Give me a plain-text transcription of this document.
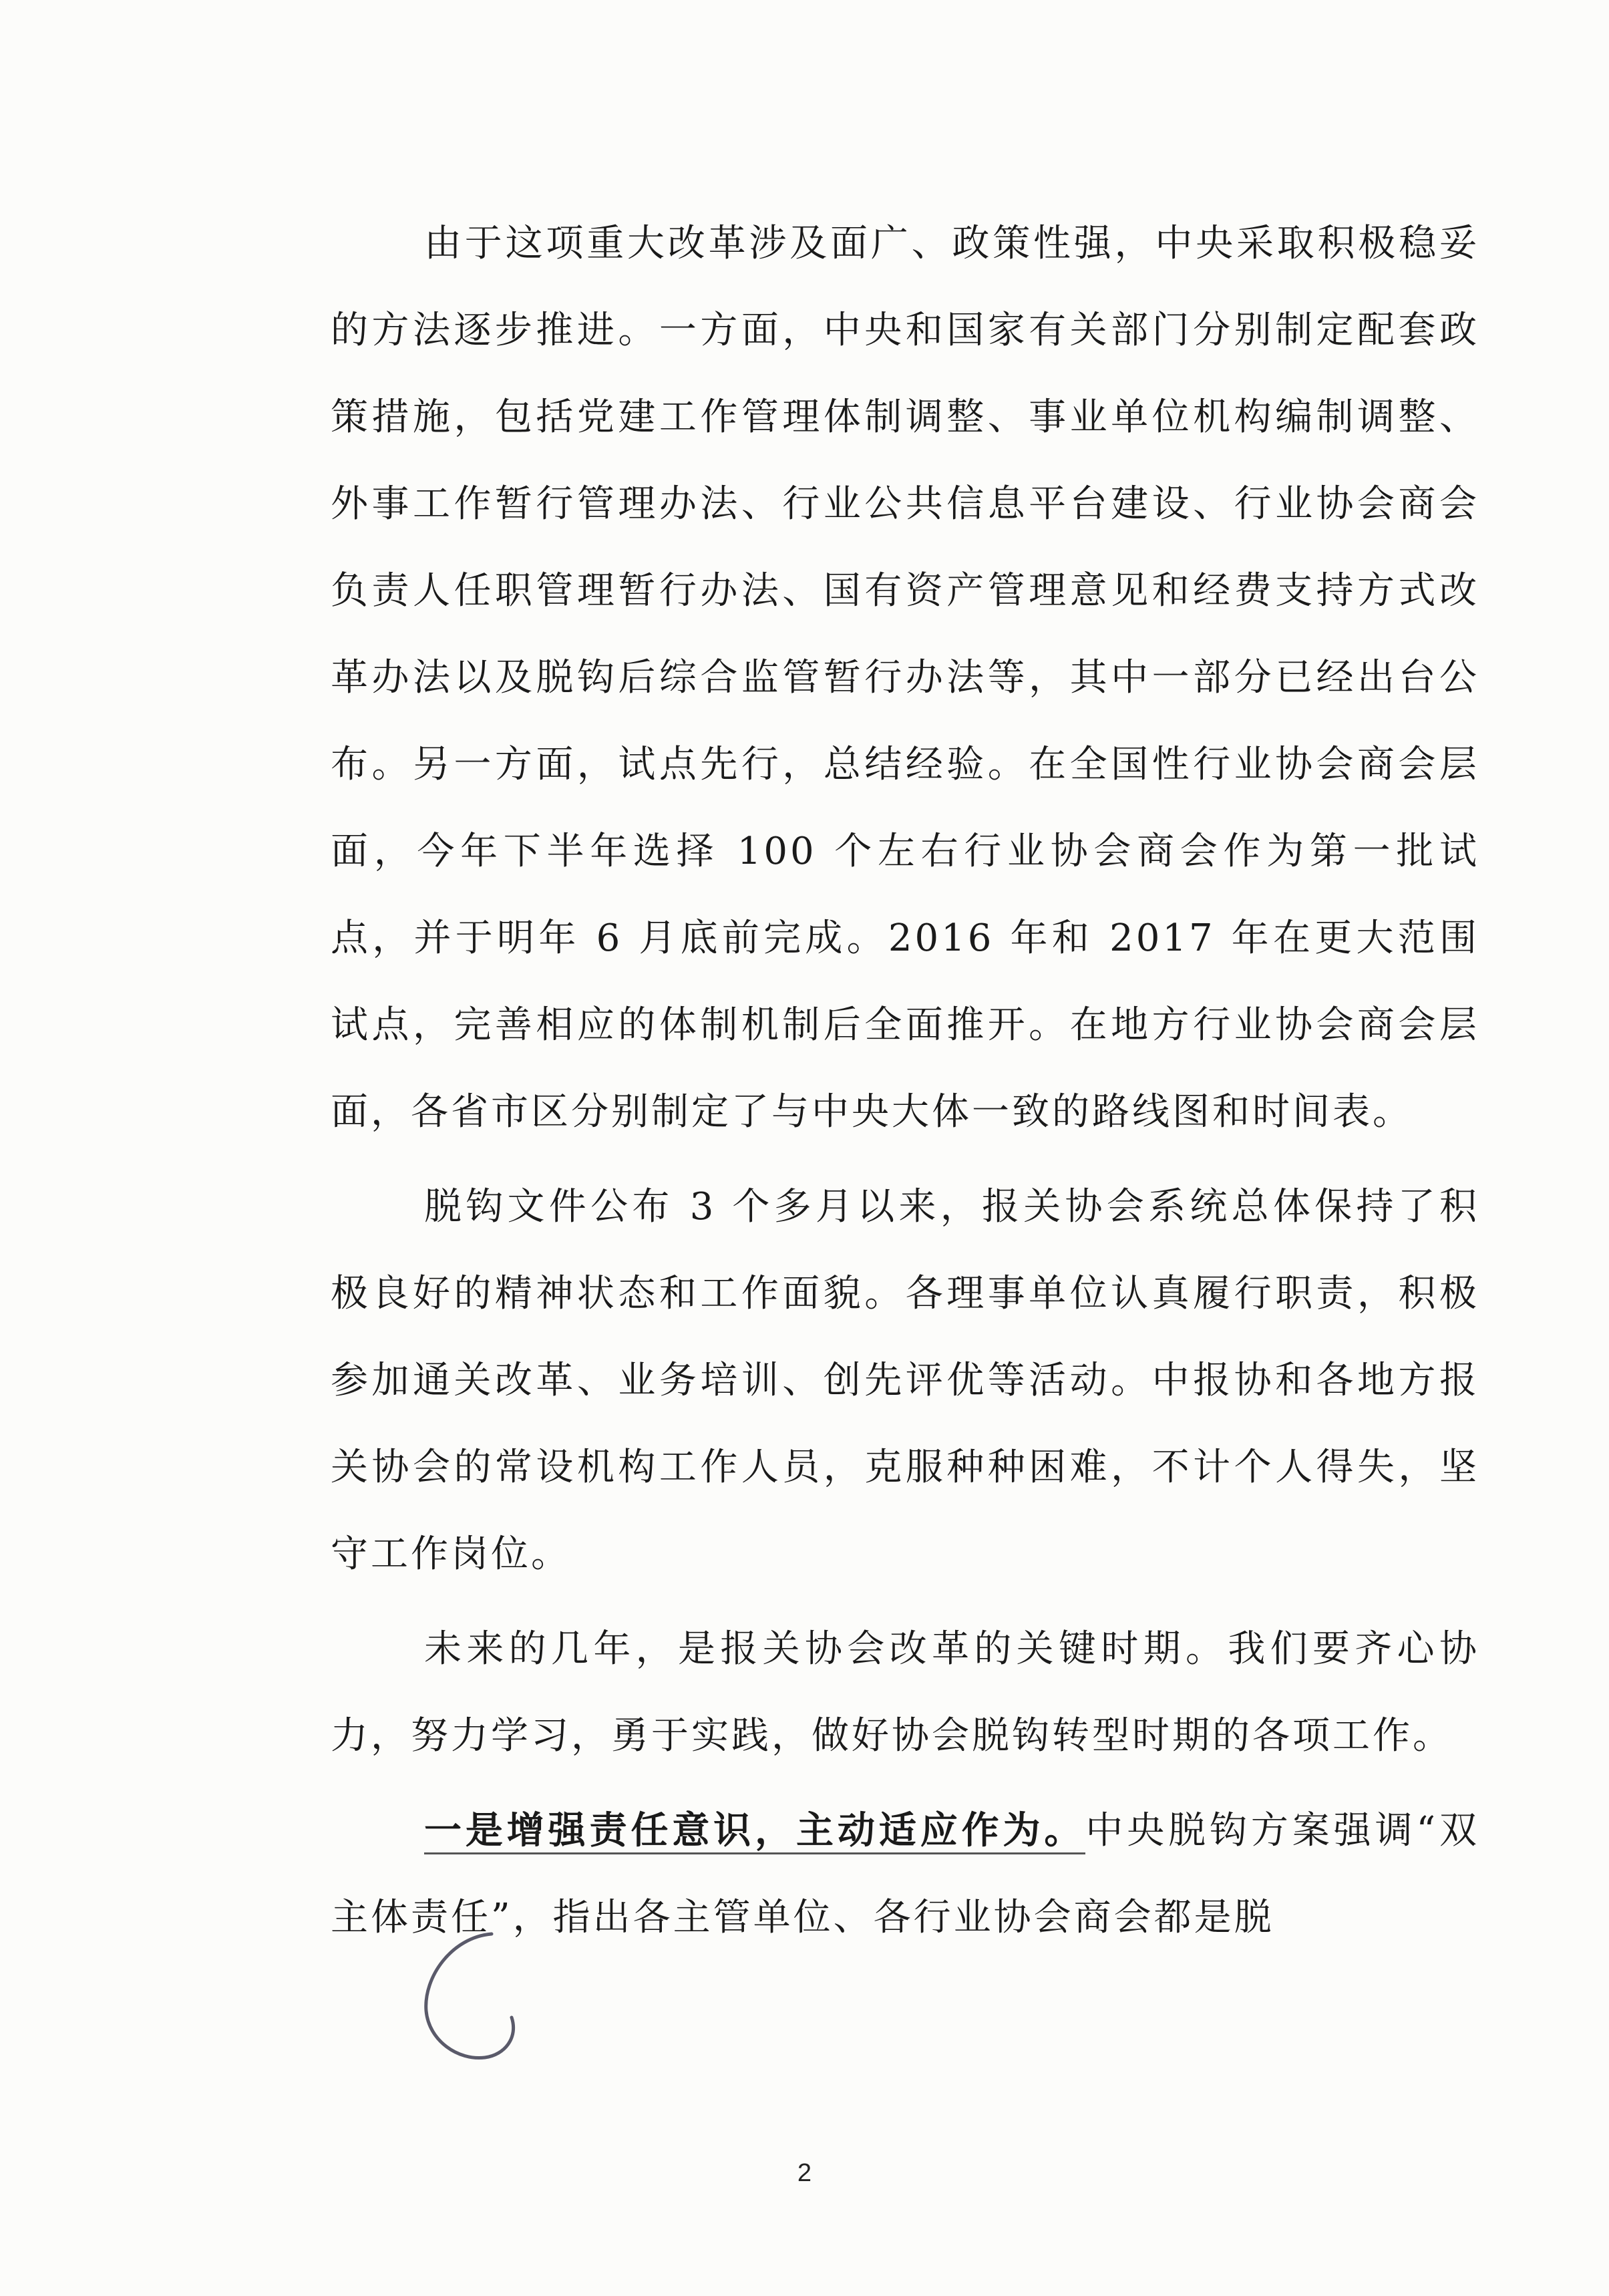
由于这项重大改革涉及面广、政策性强，中央采取积极稳妥的方法逐步推进。一方面，中央和国家有关部门分别制定配套政策措施，包括党建工作管理体制调整、事业单位机构编制调整、外事工作暂行管理办法、行业公共信息平台建设、行业协会商会负责人任职管理暂行办法、国有资产管理意见和经费支持方式改革办法以及脱钩后综合监管暂行办法等，其中一部分已经出台公布。另一方面，试点先行，总结经验。在全国性行业协会商会层面，今年下半年选择 100 个左右行业协会商会作为第一批试点，并于明年 6 月底前完成。2016 年和 2017 年在更大范围试点，完善相应的体制机制后全面推开。在地方行业协会商会层面，各省市区分别制定了与中央大体一致的路线图和时间表。

脱钩文件公布 3 个多月以来，报关协会系统总体保持了积极良好的精神状态和工作面貌。各理事单位认真履行职责，积极参加通关改革、业务培训、创先评优等活动。中报协和各地方报关协会的常设机构工作人员，克服种种困难，不计个人得失，坚守工作岗位。

未来的几年，是报关协会改革的关键时期。我们要齐心协力，努力学习，勇于实践，做好协会脱钩转型时期的各项工作。

一是增强责任意识，主动适应作为。中央脱钩方案强调“双主体责任”，指出各主管单位、各行业协会商会都是脱

2
